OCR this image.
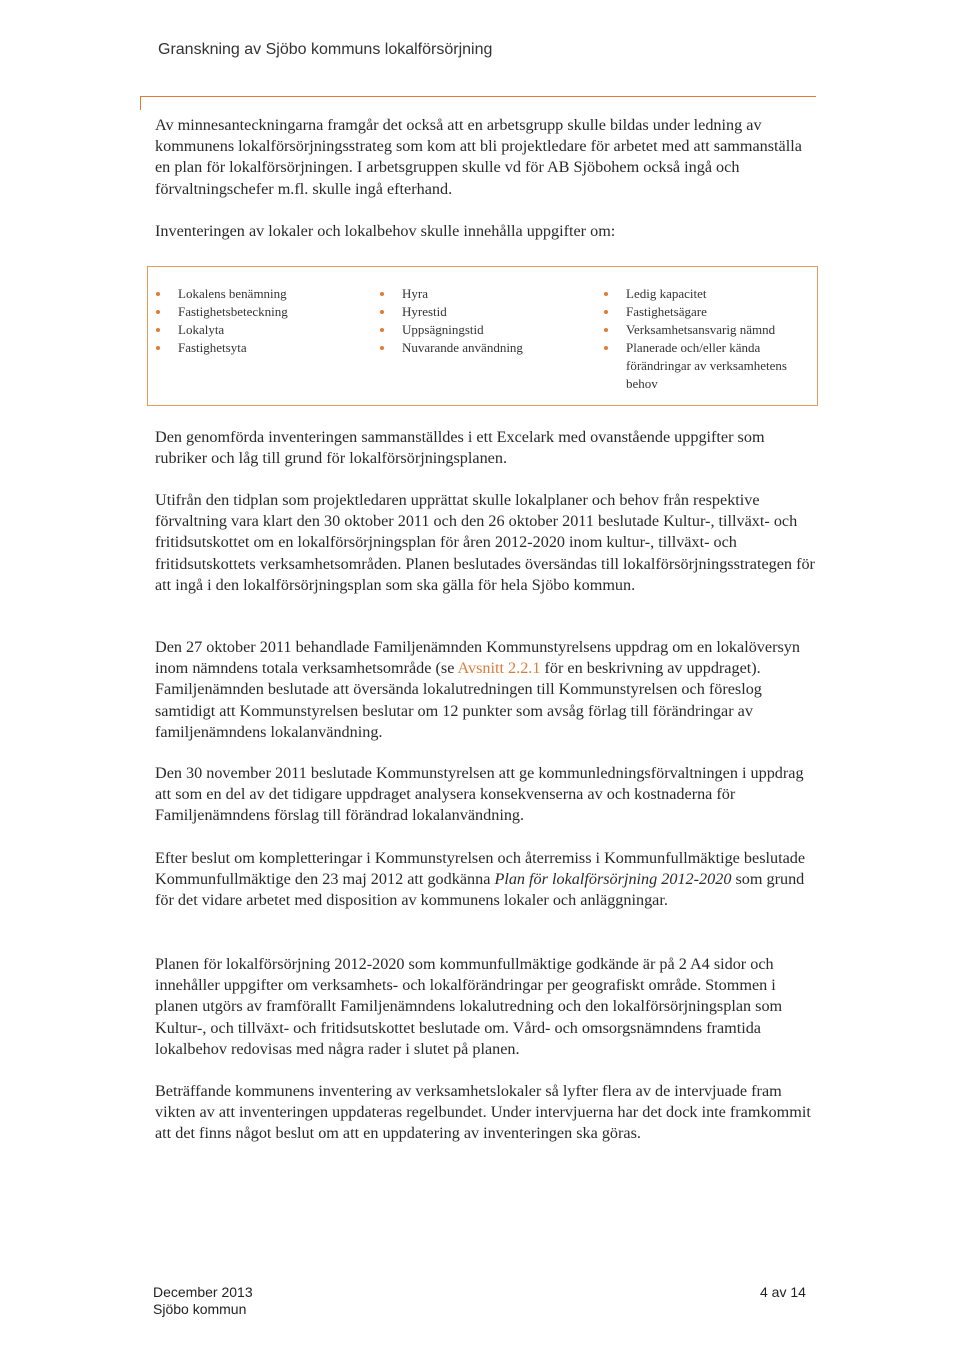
Granskning av Sjöbo kommuns lokalförsörjning

Av minnesanteckningarna framgår det också att en arbetsgrupp skulle bildas under ledning av kommunens lokalförsörjningsstrateg som kom att bli projektledare för arbetet med att sammanställa en plan för lokalförsörjningen. I arbetsgruppen skulle vd för AB Sjöbohem också ingå och förvaltningschefer m.fl. skulle ingå efterhand.

Inventeringen av lokaler och lokalbehov skulle innehålla uppgifter om:

Lokalens benämning
Fastighetsbeteckning
Lokalyta
Fastighetsyta
Hyra
Hyrestid
Uppsägningstid
Nuvarande användning
Ledig kapacitet
Fastighetsägare
Verksamhetsansvarig nämnd
Planerade och/eller kända förändringar av verksamhetens behov

Den genomförda inventeringen sammanställdes i ett Excelark med ovanstående uppgifter som rubriker och låg till grund för lokalförsörjningsplanen.

Utifrån den tidplan som projektledaren upprättat skulle lokalplaner och behov från respektive förvaltning vara klart den 30 oktober 2011 och den 26 oktober 2011 beslutade Kultur-, tillväxt- och fritidsutskottet om en lokalförsörjningsplan för åren 2012-2020 inom kultur-, tillväxt- och fritidsutskottets verksamhetsområden. Planen beslutades översändas till lokalförsörjningsstrategen för att ingå i den lokalförsörjningsplan som ska gälla för hela Sjöbo kommun.

Den 27 oktober 2011 behandlade Familjenämnden Kommunstyrelsens uppdrag om en lokalöversyn inom nämndens totala verksamhetsområde (se Avsnitt 2.2.1 för en beskrivning av uppdraget). Familjenämnden beslutade att översända lokalutredningen till Kommunstyrelsen och föreslog samtidigt att Kommunstyrelsen beslutar om 12 punkter som avsåg förlag till förändringar av familjenämndens lokalanvändning.

Den 30 november 2011 beslutade Kommunstyrelsen att ge kommunledningsförvaltningen i uppdrag att som en del av det tidigare uppdraget analysera konsekvenserna av och kostnaderna för Familjenämndens förslag till förändrad lokalanvändning.

Efter beslut om kompletteringar i Kommunstyrelsen och återremiss i Kommunfullmäktige beslutade Kommunfullmäktige den 23 maj 2012 att godkänna Plan för lokalförsörjning 2012-2020 som grund för det vidare arbetet med disposition av kommunens lokaler och anläggningar.

Planen för lokalförsörjning 2012-2020 som kommunfullmäktige godkände är på 2 A4 sidor och innehåller uppgifter om verksamhets- och lokalförändringar per geografiskt område. Stommen i planen utgörs av framförallt Familjenämndens lokalutredning och den lokalförsörjningsplan som Kultur-, och tillväxt- och fritidsutskottet beslutade om. Vård- och omsorgsnämndens framtida lokalbehov redovisas med några rader i slutet på planen.

Beträffande kommunens inventering av verksamhetslokaler så lyfter flera av de intervjuade fram vikten av att inventeringen uppdateras regelbundet. Under intervjuerna har det dock inte framkommit att det finns något beslut om att en uppdatering av inventeringen ska göras.

December 2013
Sjöbo kommun
4 av 14
